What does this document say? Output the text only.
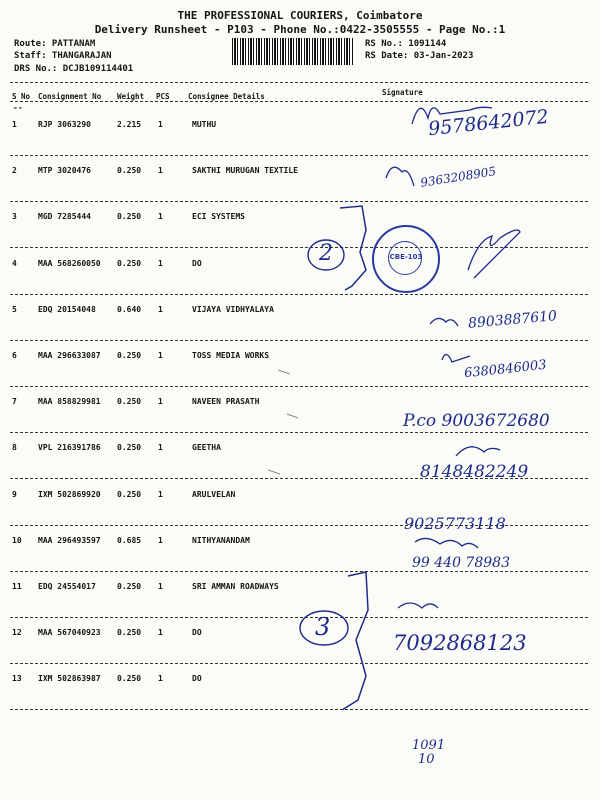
THE PROFESSIONAL COURIERS, Coimbatore
Delivery Runsheet - P103 - Phone No.:0422-3505555 - Page No.:1
Route: PATTANAM
Staff: THANGARAJAN
DRS No.: DCJB109114401
RS No.: 1091144
RS Date: 03-Jan-2023
S No Consignment No Weight PCS Consignee Details	Signature
--
1	RJP 3063290	2.215 1	MUTHU
2	MTP 3020476	0.250 1	SAKTHI MURUGAN TEXTILE
3	MGD 7285444	0.250 1	ECI SYSTEMS
4	MAA 568260050 0.250 1	DO
5	EDQ 20154048	0.640 1	VIJAYA VIDHYALAYA
6	MAA 296633087 0.250 1	TOSS MEDIA WORKS
7	MAA 858829981 0.250 1	NAVEEN PRASATH
8	VPL 216391786 0.250 1	GEETHA
9	IXM 502869920 0.250 1	ARULVELAN
10 MAA 296493597 0.685 1	NITHYANANDAM
11 EDQ 24554017	0.250 1	SRI AMMAN ROADWAYS
12 MAA 567040923 0.250 1	DO
13 IXM 502863987 0.250 1	DO
2
3
9578642072
9363208905
8903887610
6380846003
P.co 9003672680
8148482249
9025773118
99 440 78983
7092868123
1091
10
CBE-103
